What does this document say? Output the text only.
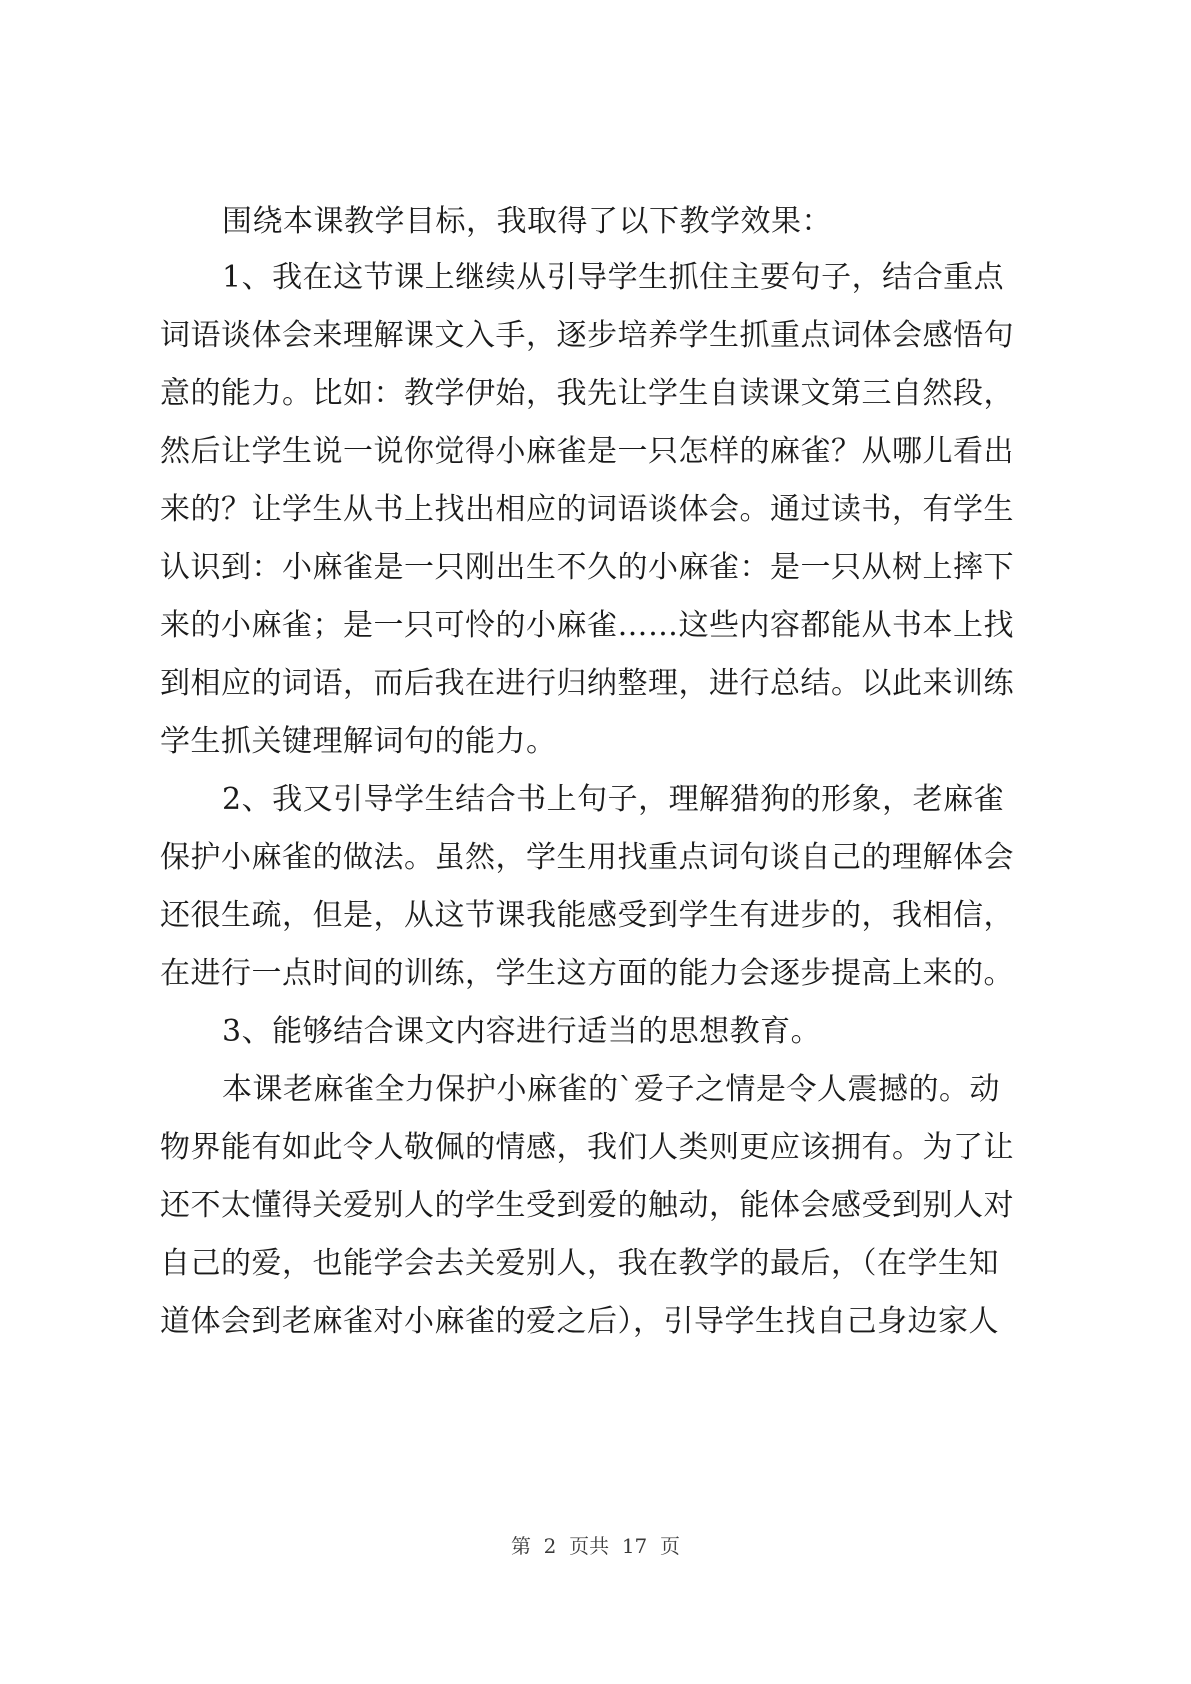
围绕本课教学目标，我取得了以下教学效果：
1、我在这节课上继续从引导学生抓住主要句子，结合重点
词语谈体会来理解课文入手，逐步培养学生抓重点词体会感悟句
意的能力。比如：教学伊始，我先让学生自读课文第三自然段，
然后让学生说一说你觉得小麻雀是一只怎样的麻雀？从哪儿看出
来的？让学生从书上找出相应的词语谈体会。通过读书，有学生
认识到：小麻雀是一只刚出生不久的小麻雀：是一只从树上摔下
来的小麻雀；是一只可怜的小麻雀……这些内容都能从书本上找
到相应的词语，而后我在进行归纳整理，进行总结。以此来训练
学生抓关键理解词句的能力。
2、我又引导学生结合书上句子，理解猎狗的形象，老麻雀
保护小麻雀的做法。虽然，学生用找重点词句谈自己的理解体会
还很生疏，但是，从这节课我能感受到学生有进步的，我相信，
在进行一点时间的训练，学生这方面的能力会逐步提高上来的。
3、能够结合课文内容进行适当的思想教育。
本课老麻雀全力保护小麻雀的`爱子之情是令人震撼的。动
物界能有如此令人敬佩的情感，我们人类则更应该拥有。为了让
还不太懂得关爱别人的学生受到爱的触动，能体会感受到别人对
自己的爱，也能学会去关爱别人，我在教学的最后，（在学生知
道体会到老麻雀对小麻雀的爱之后），引导学生找自己身边家人
第  2  页共  17  页
